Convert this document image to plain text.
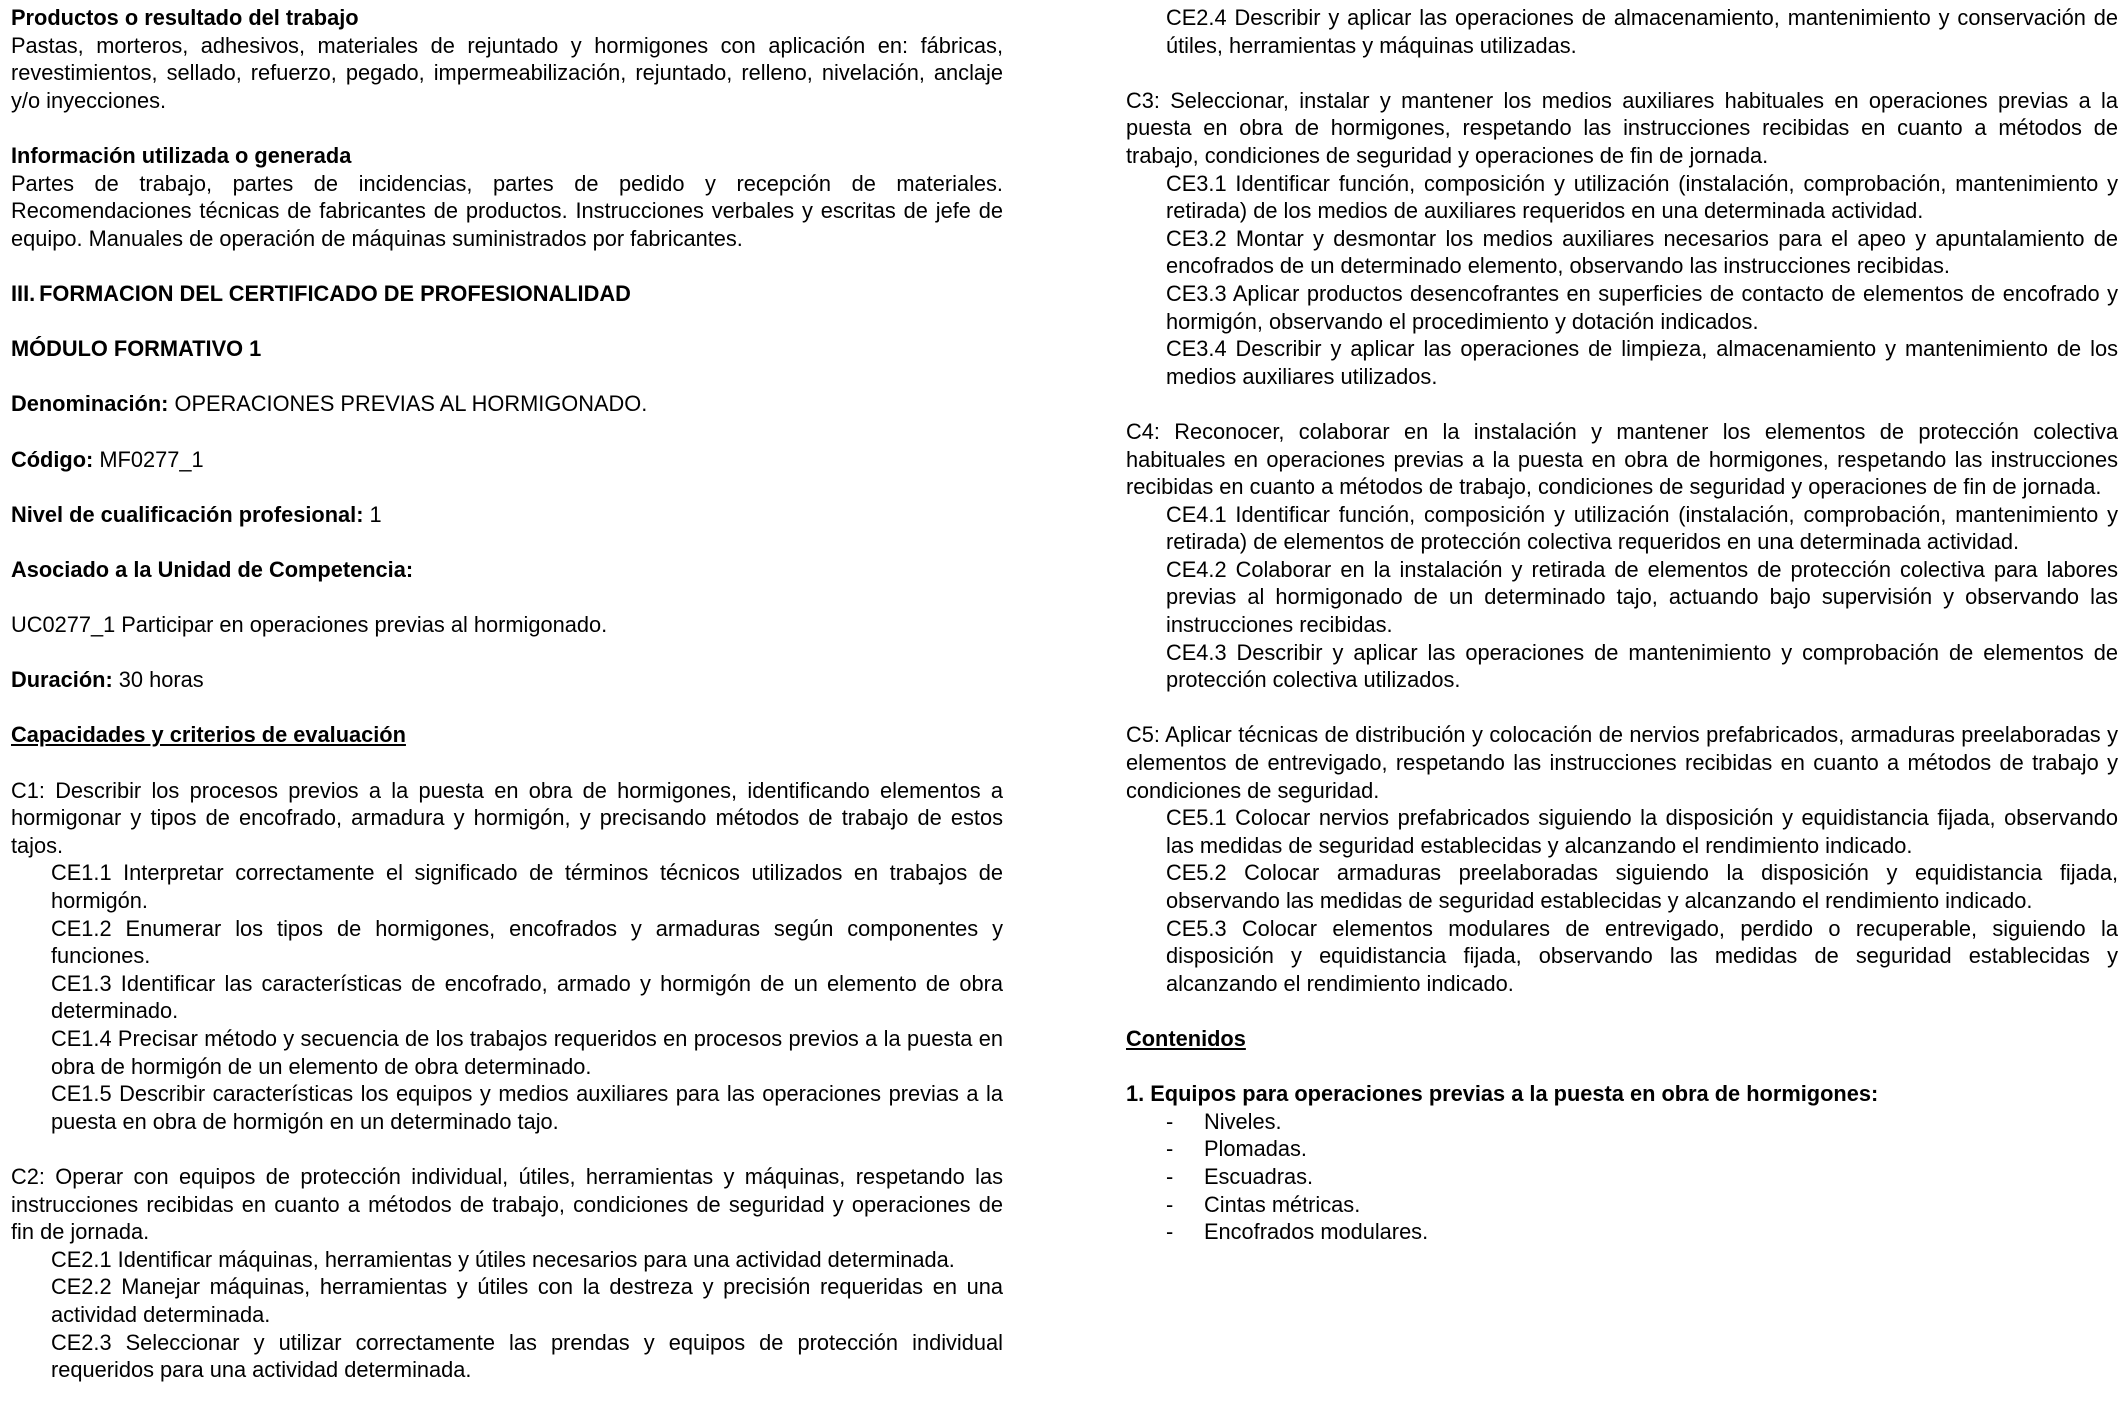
Productos o resultado del trabajo

Pastas, morteros, adhesivos, materiales de rejuntado y hormigones con aplicación en: fábricas, revestimientos, sellado, refuerzo, pegado, impermeabilización, rejuntado, relleno, nivelación, anclaje y/o inyecciones.

Información utilizada o generada

Partes de trabajo, partes de incidencias, partes de pedido y recepción de materiales. Recomendaciones técnicas de fabricantes de productos. Instrucciones verbales y escritas de jefe de equipo. Manuales de operación de máquinas suministrados por fabricantes.

III. FORMACION DEL CERTIFICADO DE PROFESIONALIDAD

MÓDULO FORMATIVO 1

Denominación: OPERACIONES PREVIAS AL HORMIGONADO.

Código: MF0277_1

Nivel de cualificación profesional: 1

Asociado a la Unidad de Competencia:

UC0277_1 Participar en operaciones previas al hormigonado.

Duración: 30 horas

Capacidades y criterios de evaluación

C1: Describir los procesos previos a la puesta en obra de hormigones, identificando elementos a hormigonar y tipos de encofrado, armadura y hormigón, y precisando métodos de trabajo de estos tajos.

CE1.1 Interpretar correctamente el significado de términos técnicos utilizados en trabajos de hormigón.

CE1.2 Enumerar los tipos de hormigones, encofrados y armaduras según componentes y funciones.

CE1.3 Identificar las características de encofrado, armado y hormigón de un elemento de obra determinado.

CE1.4 Precisar método y secuencia de los trabajos requeridos en procesos previos a la puesta en obra de hormigón de un elemento de obra determinado.

CE1.5 Describir características los equipos y medios auxiliares para las operaciones previas a la puesta en obra de hormigón en un determinado tajo.

C2: Operar con equipos de protección individual, útiles, herramientas y máquinas, respetando las instrucciones recibidas en cuanto a métodos de trabajo, condiciones de seguridad y operaciones de fin de jornada.

CE2.1 Identificar máquinas, herramientas y útiles necesarios para una actividad determinada.

CE2.2 Manejar máquinas, herramientas y útiles con la destreza y precisión requeridas en una actividad determinada.

CE2.3 Seleccionar y utilizar correctamente las prendas y equipos de protección individual requeridos para una actividad determinada.

CE2.4 Describir y aplicar las operaciones de almacenamiento, mantenimiento y conservación de útiles, herramientas y máquinas utilizadas.

C3: Seleccionar, instalar y mantener los medios auxiliares habituales en operaciones previas a la puesta en obra de hormigones, respetando las instrucciones recibidas en cuanto a métodos de trabajo, condiciones de seguridad y operaciones de fin de jornada.

CE3.1 Identificar función, composición y utilización (instalación, comprobación, mantenimiento y retirada) de los medios de auxiliares requeridos en una determinada actividad.

CE3.2 Montar y desmontar los medios auxiliares necesarios para el apeo y apuntalamiento de encofrados de un determinado elemento, observando las instrucciones recibidas.

CE3.3 Aplicar productos desencofrantes en superficies de contacto de elementos de encofrado y hormigón, observando el procedimiento y dotación indicados.

CE3.4 Describir y aplicar las operaciones de limpieza, almacenamiento y mantenimiento de los medios auxiliares utilizados.

C4: Reconocer, colaborar en la instalación y mantener los elementos de protección colectiva habituales en operaciones previas a la puesta en obra de hormigones, respetando las instrucciones recibidas en cuanto a métodos de trabajo, condiciones de seguridad y operaciones de fin de jornada.

CE4.1 Identificar función, composición y utilización (instalación, comprobación, mantenimiento y retirada) de elementos de protección colectiva requeridos en una determinada actividad.

CE4.2 Colaborar en la instalación y retirada de elementos de protección colectiva para labores previas al hormigonado de un determinado tajo, actuando bajo supervisión y observando las instrucciones recibidas.

CE4.3 Describir y aplicar las operaciones de mantenimiento y comprobación de elementos de protección colectiva utilizados.

C5: Aplicar técnicas de distribución y colocación de nervios prefabricados, armaduras preelaboradas y elementos de entrevigado, respetando las instrucciones recibidas en cuanto a métodos de trabajo y condiciones de seguridad.

CE5.1 Colocar nervios prefabricados siguiendo la disposición y equidistancia fijada, observando las medidas de seguridad establecidas y alcanzando el rendimiento indicado.

CE5.2 Colocar armaduras preelaboradas siguiendo la disposición y equidistancia fijada, observando las medidas de seguridad establecidas y alcanzando el rendimiento indicado.

CE5.3 Colocar elementos modulares de entrevigado, perdido o recuperable, siguiendo la disposición y equidistancia fijada, observando las medidas de seguridad establecidas y alcanzando el rendimiento indicado.

Contenidos

1. Equipos para operaciones previas a la puesta en obra de hormigones:

-	Niveles.
-	Plomadas.
-	Escuadras.
-	Cintas métricas.
-	Encofrados modulares.
